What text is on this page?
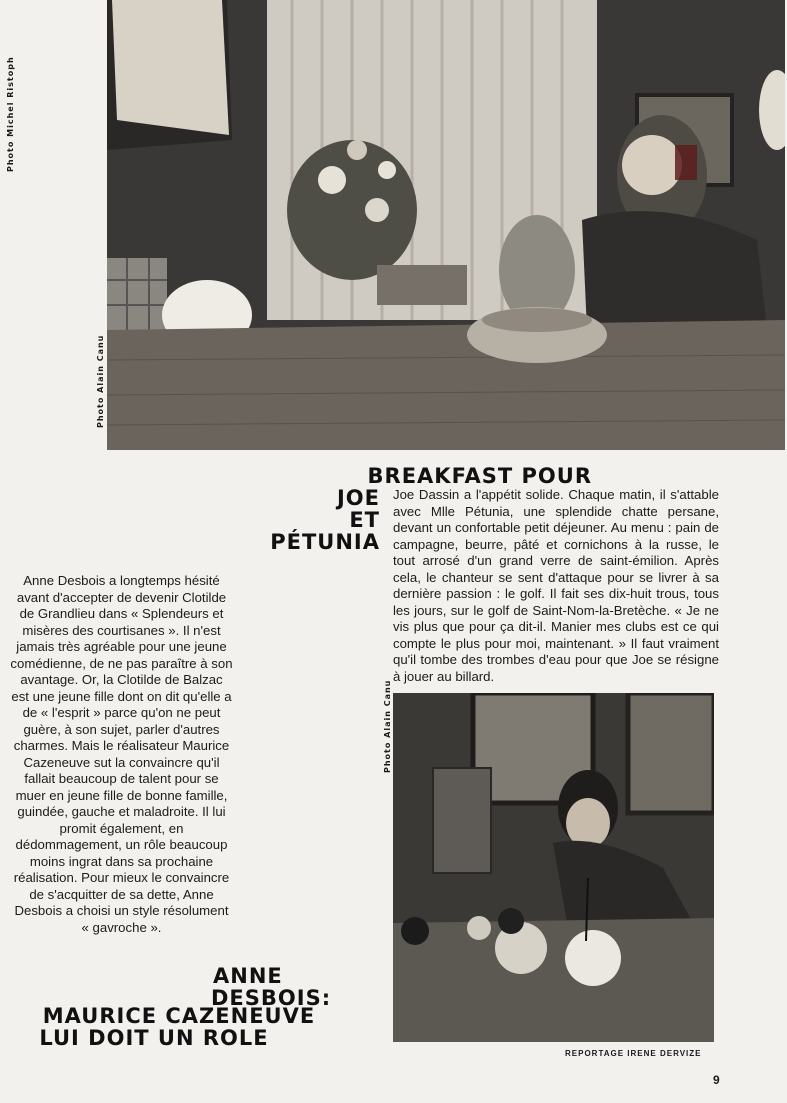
Photo Michel Ristoph
Photo Alain Canu
BREAKFAST POUR
JOE
ET
PÉTUNIA

Joe Dassin a l'appétit solide. Chaque matin, il s'attable avec Mlle Pétunia, une splendide chatte persane, devant un confortable petit déjeuner. Au menu : pain de campagne, beurre, pâté et cornichons à la russe, le tout arrosé d'un grand verre de saint-émilion. Après cela, le chanteur se sent d'attaque pour se livrer à sa dernière passion : le golf. Il fait ses dix-huit trous, tous les jours, sur le golf de Saint-Nom-la-Bretèche. « Je ne vis plus que pour ça dit-il. Manier mes clubs est ce qui compte le plus pour moi, maintenant. » Il faut vraiment qu'il tombe des trombes d'eau pour que Joe se résigne à jouer au billard.

Anne Desbois a longtemps hésité avant d'accepter de devenir Clotilde de Grandlieu dans « Splendeurs et misères des courtisanes ». Il n'est jamais très agréable pour une jeune comédienne, de ne pas paraître à son avantage. Or, la Clotilde de Balzac est une jeune fille dont on dit qu'elle a de « l'esprit » parce qu'on ne peut guère, à son sujet, parler d'autres charmes. Mais le réalisateur Maurice Cazeneuve sut la convaincre qu'il fallait beaucoup de talent pour se muer en jeune fille de bonne famille, guindée, gauche et maladroite. Il lui promit également, en dédommagement, un rôle beaucoup moins ingrat dans sa prochaine réalisation. Pour mieux le convaincre de s'acquitter de sa dette, Anne Desbois a choisi un style résolument « gavroche ».

Photo Alain Canu
ANNE
DESBOIS:
MAURICE CAZENEUVE
LUI DOIT UN ROLE
REPORTAGE IRENE DERVIZE
9
